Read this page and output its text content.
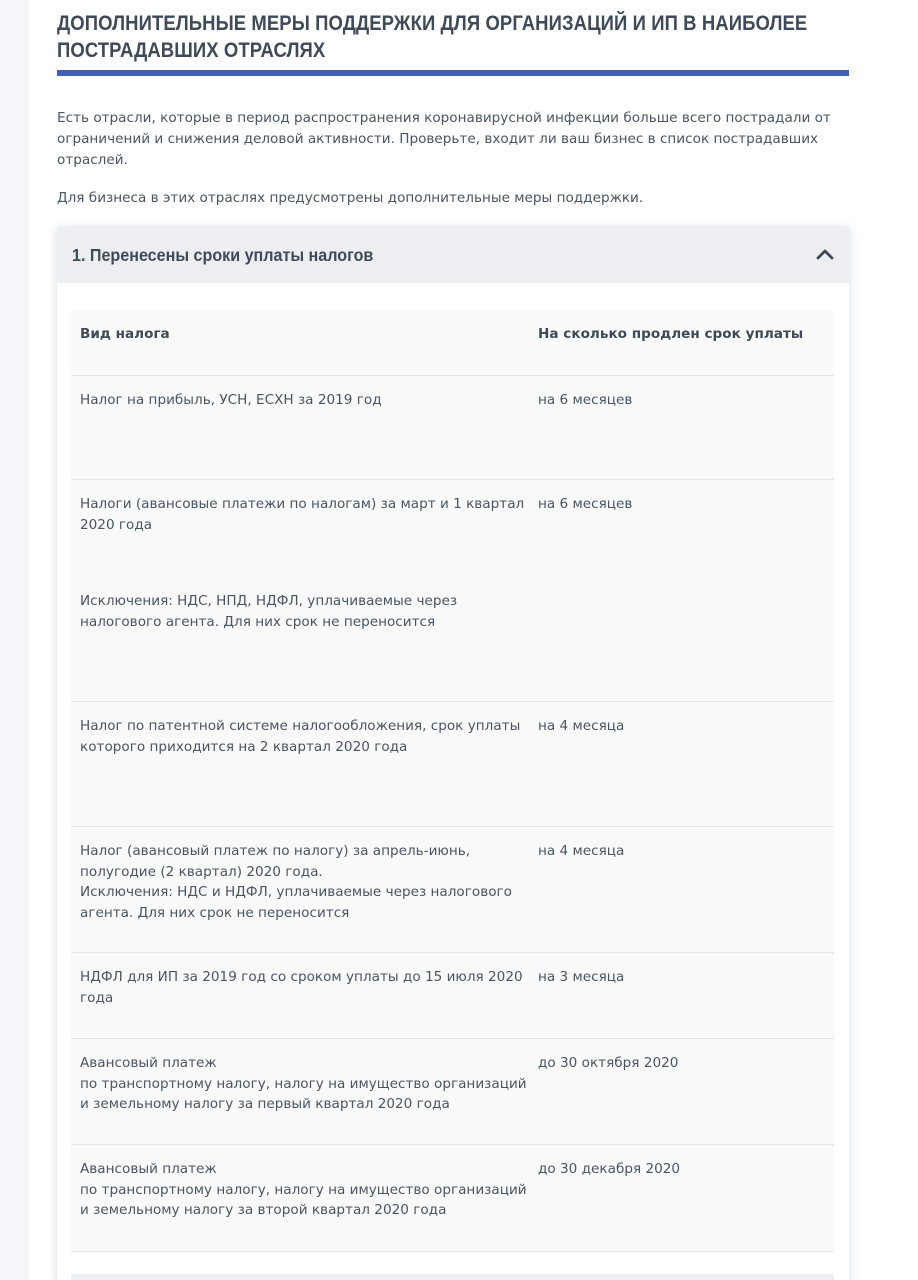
ДОПОЛНИТЕЛЬНЫЕ МЕРЫ ПОДДЕРЖКИ ДЛЯ ОРГАНИЗАЦИЙ И ИП В НАИБОЛЕЕ ПОСТРАДАВШИХ ОТРАСЛЯХ

Есть отрасли, которые в период распространения коронавирусной инфекции больше всего пострадали от ограничений и снижения деловой активности. Проверьте, входит ли ваш бизнес в список пострадавших отраслей.

Для бизнеса в этих отраслях предусмотрены дополнительные меры поддержки.

1. Перенесены сроки уплаты налогов
Вид налога	На сколько продлен срок уплаты

Налог на прибыль, УСН, ЕСХН за 2019 год	на 6 месяцев

Налоги (авансовые платежи по налогам) за март и 1 квартал 2020 года

Исключения: НДС, НПД, НДФЛ, уплачиваемые через налогового агента. Для них срок не переносится

на 6 месяцев

Налог по патентной системе налогообложения, срок уплаты которого приходится на 2 квартал 2020 года

на 4 месяца

Налог (авансовый платеж по налогу) за апрель-июнь, полугодие (2 квартал) 2020 года.

Исключения: НДС и НДФЛ, уплачиваемые через налогового агента. Для них срок не переносится

на 4 месяца

НДФЛ для ИП за 2019 год со сроком уплаты до 15 июля 2020 года

на 3 месяца

Авансовый платеж

по транспортному налогу, налогу на имущество организаций и земельному налогу за первый квартал 2020 года

до 30 октября 2020

Авансовый платеж

по транспортному налогу, налогу на имущество организаций и земельному налогу за второй квартал 2020 года

до 30 декабря 2020
